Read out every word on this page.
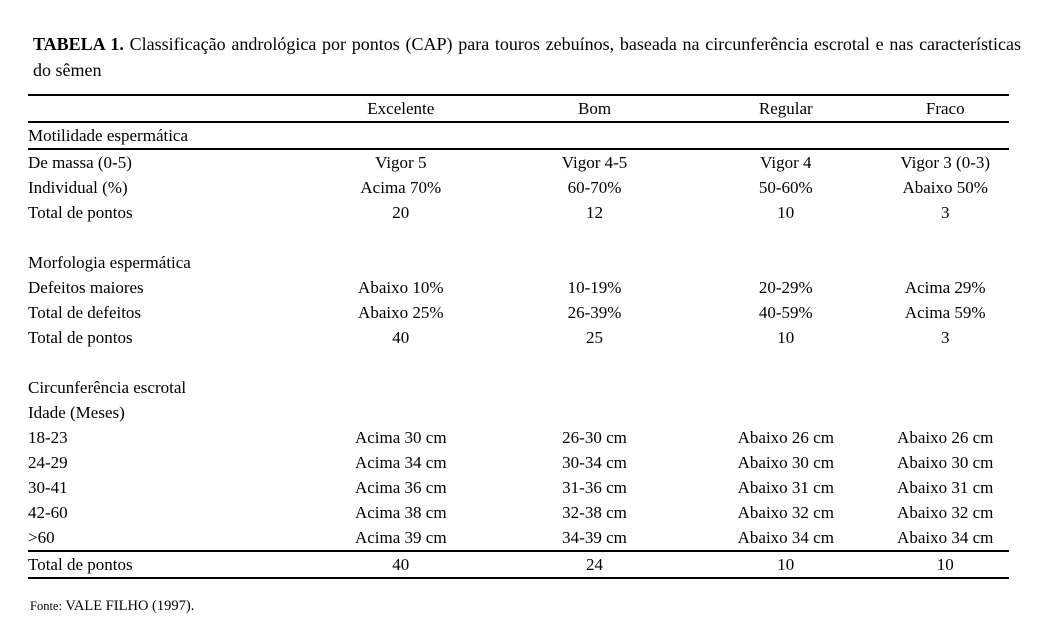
TABELA 1. Classificação andrológica por pontos (CAP) para touros zebuínos, baseada na circunferência escrotal e nas características do sêmen

	Excelente	Bom	Regular	Fraco
Motilidade espermática				
De massa (0-5)	Vigor 5	Vigor 4-5	Vigor 4	Vigor 3 (0-3)
Individual (%)	Acima 70%	60-70%	50-60%	Abaixo 50%
Total de pontos	20	12	10	3

Morfologia espermática				
Defeitos maiores	Abaixo 10%	10-19%	20-29%	Acima 29%
Total de defeitos	Abaixo 25%	26-39%	40-59%	Acima 59%
Total de pontos	40	25	10	3

Circunferência escrotal				
Idade (Meses)				
18-23	Acima 30 cm	26-30 cm	Abaixo 26 cm	Abaixo 26 cm
24-29	Acima 34 cm	30-34 cm	Abaixo 30 cm	Abaixo 30 cm
30-41	Acima 36 cm	31-36 cm	Abaixo 31 cm	Abaixo 31 cm
42-60	Acima 38 cm	32-38 cm	Abaixo 32 cm	Abaixo 32 cm
>60	Acima 39 cm	34-39 cm	Abaixo 34 cm	Abaixo 34 cm
Total de pontos	40	24	10	10

Fonte: VALE FILHO (1997).
